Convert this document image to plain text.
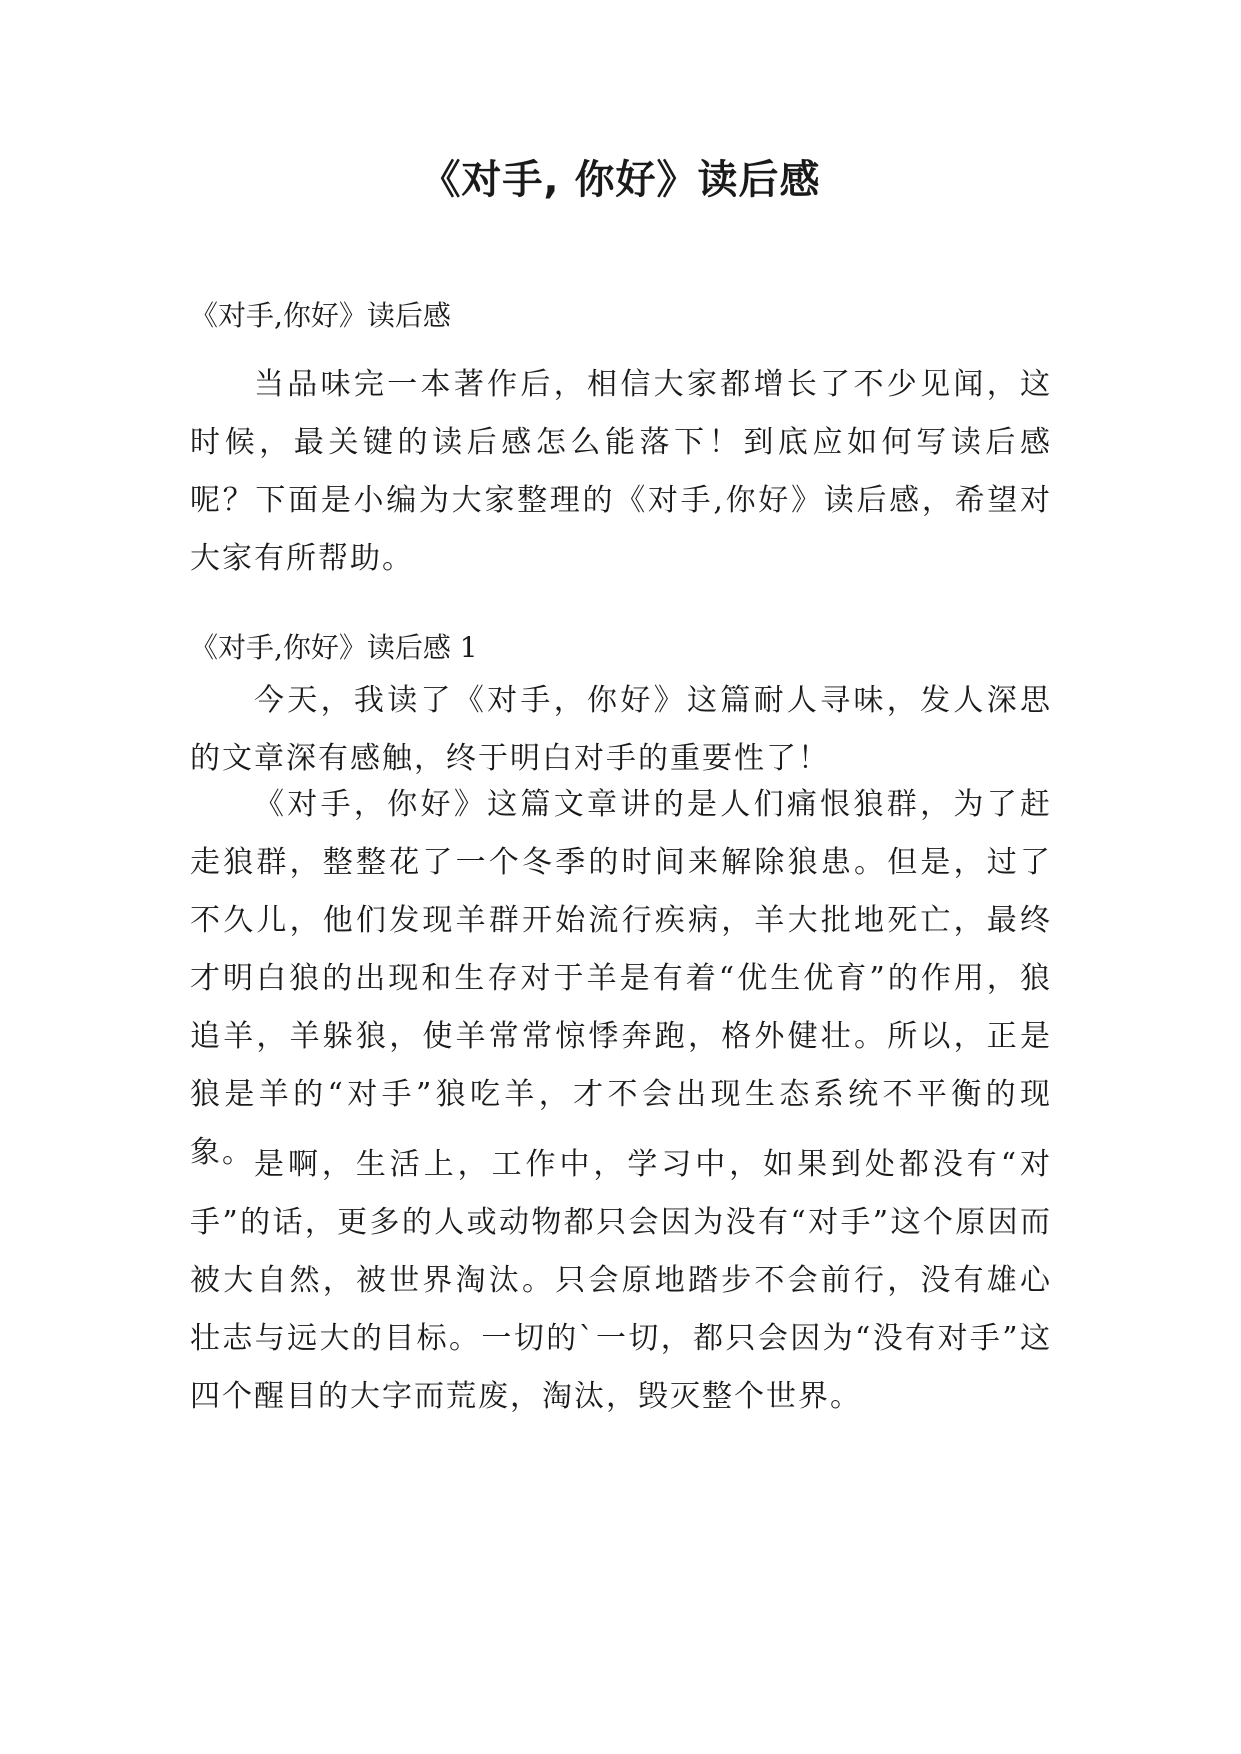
《对手, 你好》读后感
《对手,你好》读后感

当品味完一本著作后，相信大家都增长了不少见闻，这时候，最关键的读后感怎么能落下！到底应如何写读后感呢？下面是小编为大家整理的《对手,你好》读后感，希望对大家有所帮助。

《对手,你好》读后感 1

今天，我读了《对手，你好》这篇耐人寻味，发人深思的文章深有感触，终于明白对手的重要性了！

《对手，你好》这篇文章讲的是人们痛恨狼群，为了赶走狼群，整整花了一个冬季的时间来解除狼患。但是，过了不久儿，他们发现羊群开始流行疾病，羊大批地死亡，最终才明白狼的出现和生存对于羊是有着“优生优育”的作用，狼追羊，羊躲狼，使羊常常惊悸奔跑，格外健壮。所以，正是狼是羊的“对手”狼吃羊，才不会出现生态系统不平衡的现象。 是啊，生活上，工作中，学习中，如果到处都没有“对手”的话，更多的人或动物都只会因为没有“对手”这个原因而被大自然，被世界淘汰。只会原地踏步不会前行，没有雄心壮志与远大的目标。一切的`一切，都只会因为“没有对手”这四个醒目的大字而荒废，淘汰，毁灭整个世界。
